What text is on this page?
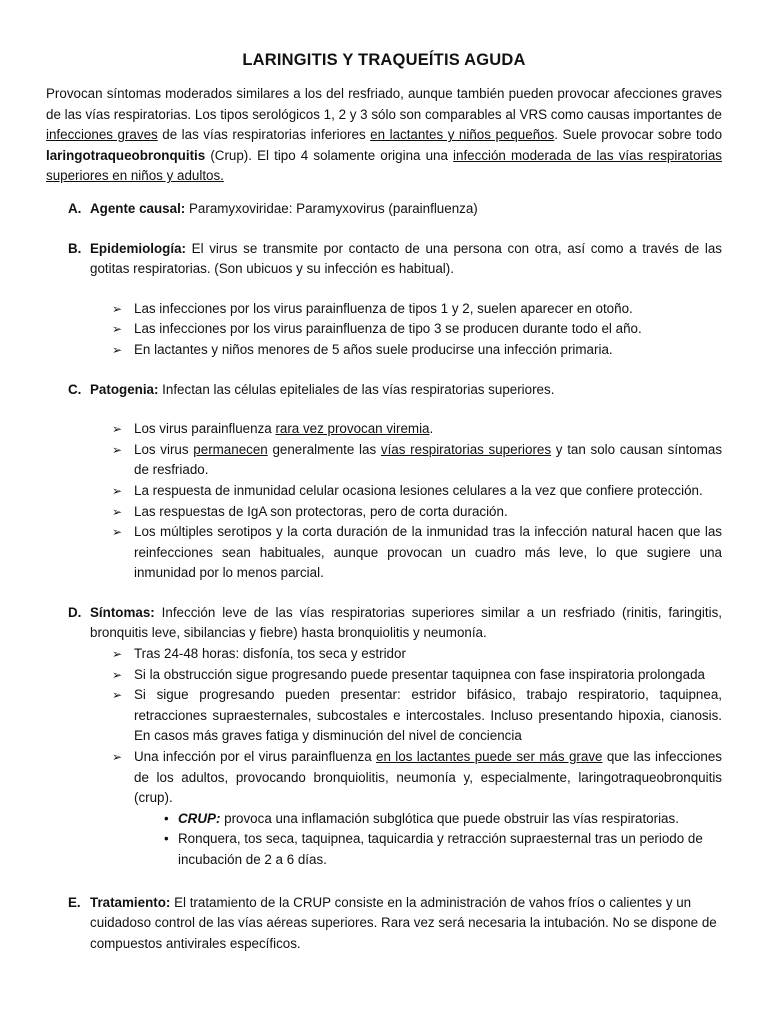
LARINGITIS Y TRAQUEÍTIS AGUDA

Provocan síntomas moderados similares a los del resfriado, aunque también pueden provocar afecciones graves de las vías respiratorias. Los tipos serológicos 1, 2 y 3 sólo son comparables al VRS como causas importantes de infecciones graves de las vías respiratorias inferiores en lactantes y niños pequeños. Suele provocar sobre todo laringotraqueobronquitis (Crup). El tipo 4 solamente origina una infección moderada de las vías respiratorias superiores en niños y adultos.

A. Agente causal: Paramyxoviridae: Paramyxovirus (parainfluenza)

B. Epidemiología: El virus se transmite por contacto de una persona con otra, así como a través de las gotitas respiratorias. (Son ubicuos y su infección es habitual).

➢ Las infecciones por los virus parainfluenza de tipos 1 y 2, suelen aparecer en otoño.
➢ Las infecciones por los virus parainfluenza de tipo 3 se producen durante todo el año.
➢ En lactantes y niños menores de 5 años suele producirse una infección primaria.
C. Patogenia: Infectan las células epiteliales de las vías respiratorias superiores.

➢ Los virus parainfluenza rara vez provocan viremia.
➢ Los virus permanecen generalmente las vías respiratorias superiores y tan solo causan síntomas de resfriado.
➢ La respuesta de inmunidad celular ocasiona lesiones celulares a la vez que confiere protección.
➢ Las respuestas de IgA son protectoras, pero de corta duración.
➢ Los múltiples serotipos y la corta duración de la inmunidad tras la infección natural hacen que las reinfecciones sean habituales, aunque provocan un cuadro más leve, lo que sugiere una inmunidad por lo menos parcial.
D. Síntomas: Infección leve de las vías respiratorias superiores similar a un resfriado (rinitis, faringitis, bronquitis leve, sibilancias y fiebre) hasta bronquiolitis y neumonía.

➢ Tras 24-48 horas: disfonía, tos seca y estridor
➢ Si la obstrucción sigue progresando puede presentar taquipnea con fase inspiratoria prolongada
➢ Si sigue progresando pueden presentar: estridor bifásico, trabajo respiratorio, taquipnea, retracciones supraesternales, subcostales e intercostales. Incluso presentando hipoxia, cianosis. En casos más graves fatiga y disminución del nivel de conciencia
➢ Una infección por el virus parainfluenza en los lactantes puede ser más grave que las infecciones de los adultos, provocando bronquiolitis, neumonía y, especialmente, laringotraqueobronquitis (crup).
• CRUP: provoca una inflamación subglótica que puede obstruir las vías respiratorias.
• Ronquera, tos seca, taquipnea, taquicardia y retracción supraesternal tras un periodo de incubación de 2 a 6 días.
E. Tratamiento: El tratamiento de la CRUP consiste en la administración de vahos fríos o calientes y un cuidadoso control de las vías aéreas superiores. Rara vez será necesaria la intubación. No se dispone de compuestos antivirales específicos.
